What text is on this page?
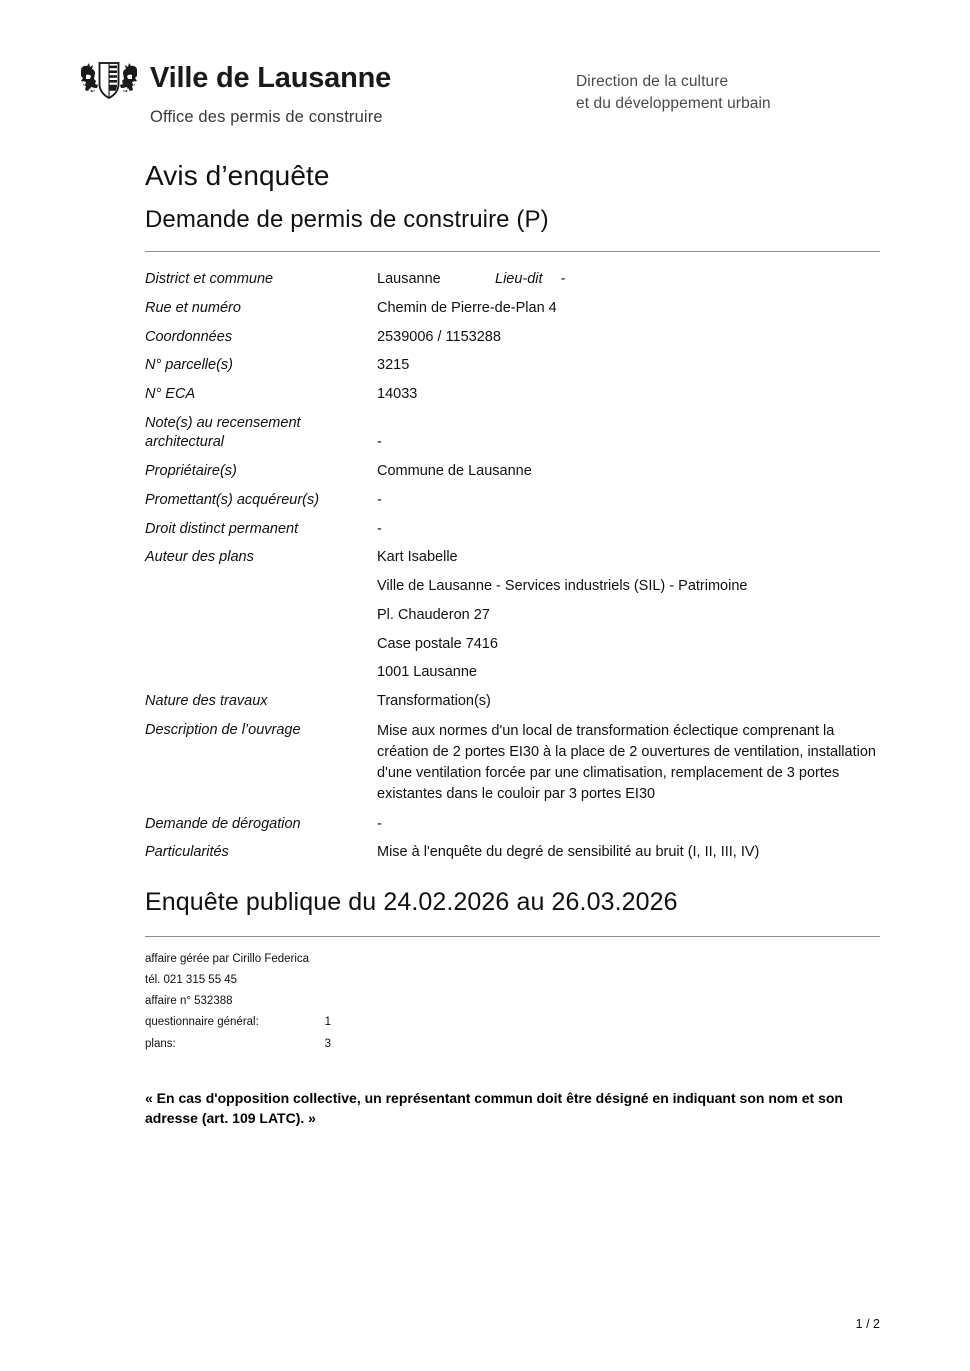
Ville de Lausanne
Office des permis de construire
Direction de la culture
et du développement urbain
Avis d’enquête
Demande de permis de construire (P)
District et commune	Lausanne	Lieu-dit -
Rue et numéro	Chemin de Pierre-de-Plan 4
Coordonnées	2539006 / 1153288
N° parcelle(s)	3215
N° ECA	14033
Note(s) au recensement architectural	-
Propriétaire(s)	Commune de Lausanne
Promettant(s) acquéreur(s)	-
Droit distinct permanent	-
Auteur des plans	Kart Isabelle
Ville de Lausanne - Services industriels (SIL) - Patrimoine
Pl. Chauderon 27
Case postale 7416
1001 Lausanne
Nature des travaux	Transformation(s)
Description de l’ouvrage	Mise aux normes d'un local de transformation éclectique comprenant la création de 2 portes EI30 à la place de 2 ouvertures de ventilation, installation d'une ventilation forcée par une climatisation, remplacement de 3 portes existantes dans le couloir par 3 portes EI30
Demande de dérogation	-
Particularités	Mise à l'enquête du degré de sensibilité au bruit (I, II, III, IV)
Enquête publique du 24.02.2026 au 26.03.2026
affaire gérée par Cirillo Federica
tél. 021 315 55 45
affaire n° 532388
questionnaire général:	1
plans:	3
« En cas d'opposition collective, un représentant commun doit être désigné en indiquant son nom et son adresse (art. 109 LATC). »
1 / 2
